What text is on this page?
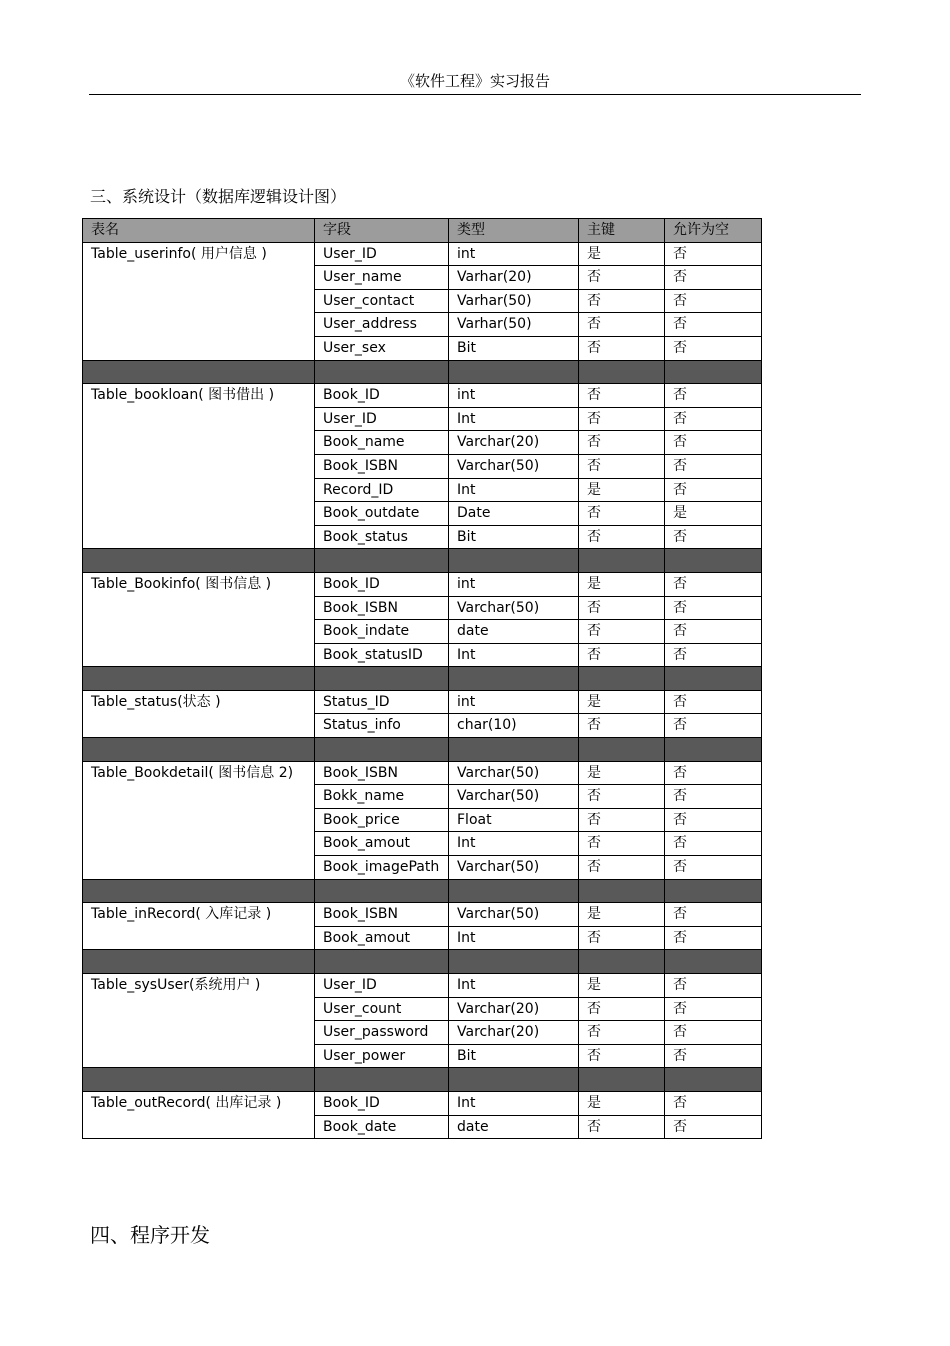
《软件工程》实习报告
三、系统设计（数据库逻辑设计图）
表名	字段	类型	主键	允许为空
Table_userinfo( 用户信息 )	User_ID	int	是	否
	User_name	Varhar(20)	否	否
	User_contact	Varhar(50)	否	否
	User_address	Varhar(50)	否	否
	User_sex	Bit	否	否

Table_bookloan( 图书借出 )	Book_ID	int	否	否
	User_ID	Int	否	否
	Book_name	Varchar(20)	否	否
	Book_ISBN	Varchar(50)	否	否
	Record_ID	Int	是	否
	Book_outdate	Date	否	是
	Book_status	Bit	否	否

Table_Bookinfo( 图书信息 )	Book_ID	int	是	否
	Book_ISBN	Varchar(50)	否	否
	Book_indate	date	否	否
	Book_statusID	Int	否	否

Table_status(状态 )	Status_ID	int	是	否
	Status_info	char(10)	否	否

Table_Bookdetail( 图书信息 2)	Book_ISBN	Varchar(50)	是	否
	Bokk_name	Varchar(50)	否	否
	Book_price	Float	否	否
	Book_amout	Int	否	否
	Book_imagePath	Varchar(50)	否	否

Table_inRecord( 入库记录 )	Book_ISBN	Varchar(50)	是	否
	Book_amout	Int	否	否

Table_sysUser(系统用户 )	User_ID	Int	是	否
	User_count	Varchar(20)	否	否
	User_password	Varchar(20)	否	否
	User_power	Bit	否	否

Table_outRecord( 出库记录 )	Book_ID	Int	是	否
	Book_date	date	否	否
四、程序开发
